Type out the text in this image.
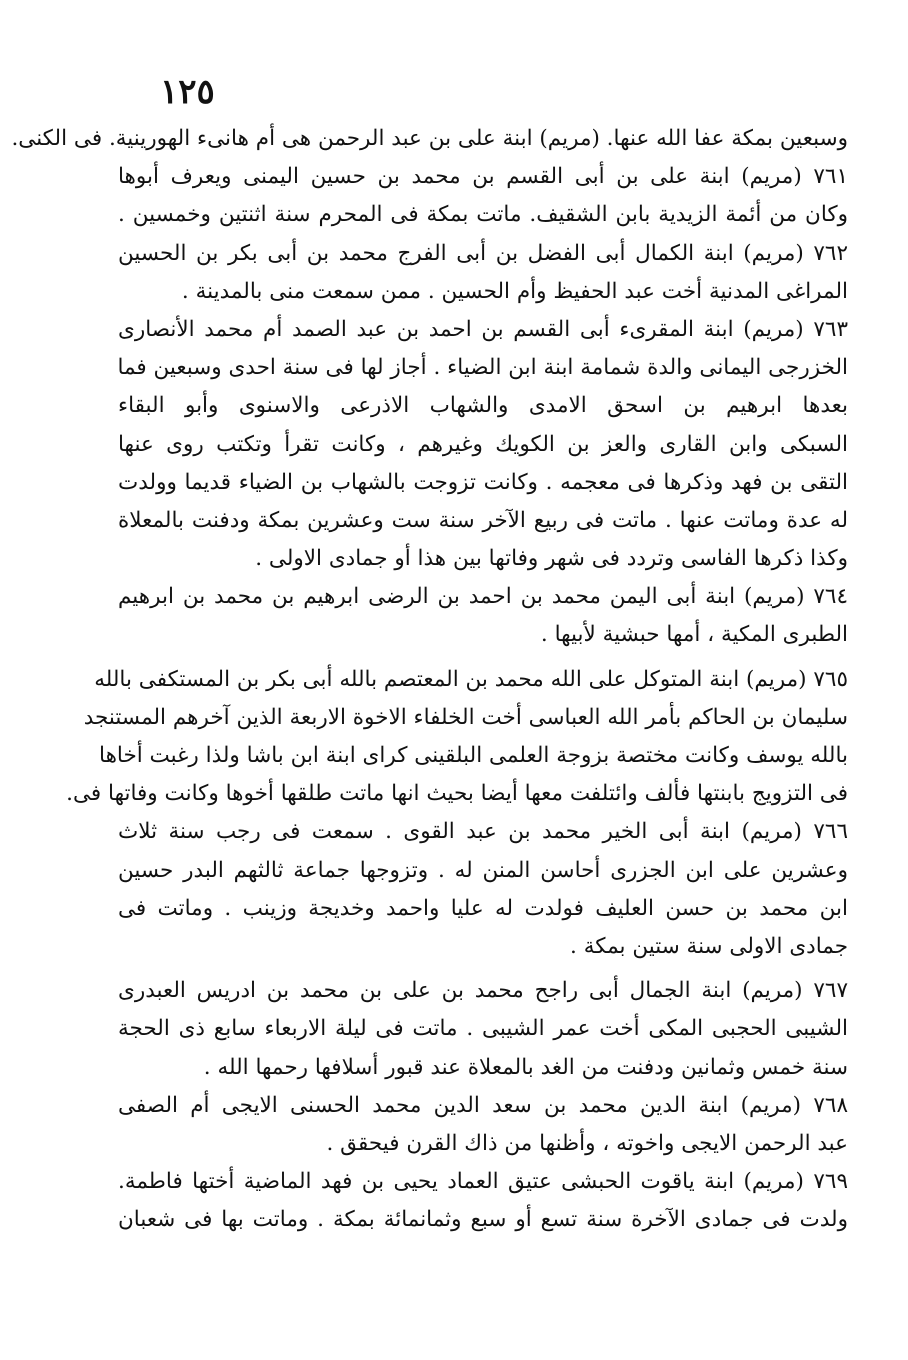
١٢٥
وسبعين بمكة عفا الله عنها. (مريم) ابنة على بن عبد الرحمن هى أم هانىء الهورينية. فى الكنى.
٧٦١ (مريم) ابنة على بن أبى القسم بن محمد بن حسين اليمنى ويعرف أبوها
وكان من أئمة الزيدية بابن الشقيف. ماتت بمكة فى المحرم سنة اثنتين وخمسين .
٧٦٢ (مريم) ابنة الكمال أبى الفضل بن أبى الفرج محمد بن أبى بكر بن الحسين
المراغى المدنية أخت عبد الحفيظ وأم الحسين . ممن سمعت منى بالمدينة .
٧٦٣ (مريم) ابنة المقرىء أبى القسم بن احمد بن عبد الصمد أم محمد الأنصارى
الخزرجى اليمانى والدة شمامة ابنة ابن الضياء . أجاز لها فى سنة احدى وسبعين فما
بعدها ابرهيم بن اسحق الامدى والشهاب الاذرعى والاسنوى وأبو البقاء
السبكى وابن القارى والعز بن الكويك وغيرهم ، وكانت تقرأ وتكتب روى عنها
التقى بن فهد وذكرها فى معجمه . وكانت تزوجت بالشهاب بن الضياء قديما وولدت
له عدة وماتت عنها . ماتت فى ربيع الآخر سنة ست وعشرين بمكة ودفنت بالمعلاة
وكذا ذكرها الفاسى وتردد فى شهر وفاتها بين هذا أو جمادى الاولى .
٧٦٤ (مريم) ابنة أبى اليمن محمد بن احمد بن الرضى ابرهيم بن محمد بن ابرهيم
الطبرى المكية ، أمها حبشية لأبيها .
٧٦٥ (مريم) ابنة المتوكل على الله محمد بن المعتصم بالله أبى بكر بن المستكفى بالله
سليمان بن الحاكم بأمر الله العباسى أخت الخلفاء الاخوة الاربعة الذين آخرهم المستنجد
بالله يوسف وكانت مختصة بزوجة العلمى البلقينى كراى ابنة ابن باشا ولذا رغبت أخاها
فى التزويج بابنتها فألف وائتلفت معها أيضا بحيث انها ماتت طلقها أخوها وكانت وفاتها فى.
٧٦٦ (مريم) ابنة أبى الخير محمد بن عبد القوى . سمعت فى رجب سنة ثلاث
وعشرين على ابن الجزرى أحاسن المنن له . وتزوجها جماعة ثالثهم البدر حسين
ابن محمد بن حسن العليف فولدت له عليا واحمد وخديجة وزينب . وماتت فى
جمادى الاولى سنة ستين بمكة .
٧٦٧ (مريم) ابنة الجمال أبى راجح محمد بن على بن محمد بن ادريس العبدرى
الشيبى الحجبى المكى أخت عمر الشيبى . ماتت فى ليلة الاربعاء سابع ذى الحجة
سنة خمس وثمانين ودفنت من الغد بالمعلاة عند قبور أسلافها رحمها الله .
٧٦٨ (مريم) ابنة الدين محمد بن سعد الدين محمد الحسنى الايجى أم الصفى
عبد الرحمن الايجى واخوته ، وأظنها من ذاك القرن فيحقق .
٧٦٩ (مريم) ابنة ياقوت الحبشى عتيق العماد يحيى بن فهد الماضية أختها فاطمة.
ولدت فى جمادى الآخرة سنة تسع أو سبع وثمانمائة بمكة . وماتت بها فى شعبان
